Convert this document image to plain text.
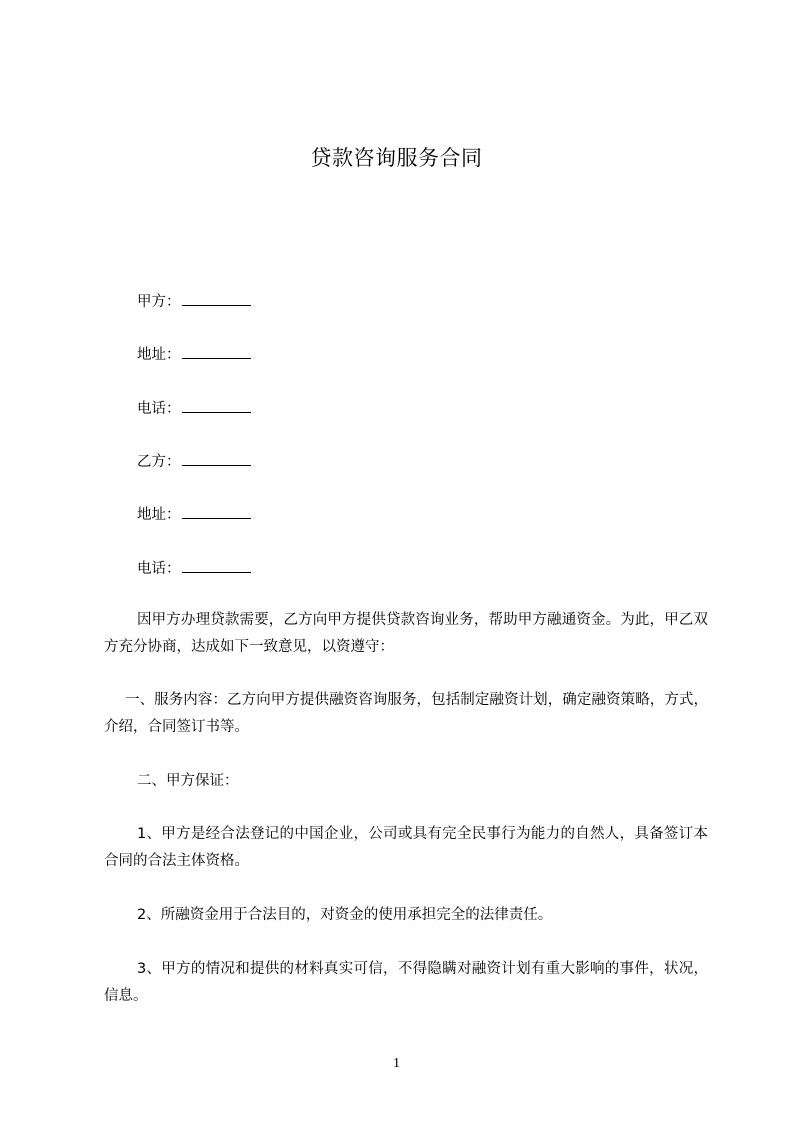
贷款咨询服务合同
甲方：
地址：
电话：
乙方：
地址：
电话：
因甲方办理贷款需要，乙方向甲方提供贷款咨询业务，帮助甲方融通资金。为此，甲乙双方充分协商，达成如下一致意见，以资遵守：
一、服务内容：乙方向甲方提供融资咨询服务，包括制定融资计划，确定融资策略，方式，介绍，合同签订书等。
二、甲方保证：
1、甲方是经合法登记的中国企业，公司或具有完全民事行为能力的自然人，具备签订本合同的合法主体资格。
2、所融资金用于合法目的，对资金的使用承担完全的法律责任。
3、甲方的情况和提供的材料真实可信，不得隐瞒对融资计划有重大影响的事件，状况，信息。
1
